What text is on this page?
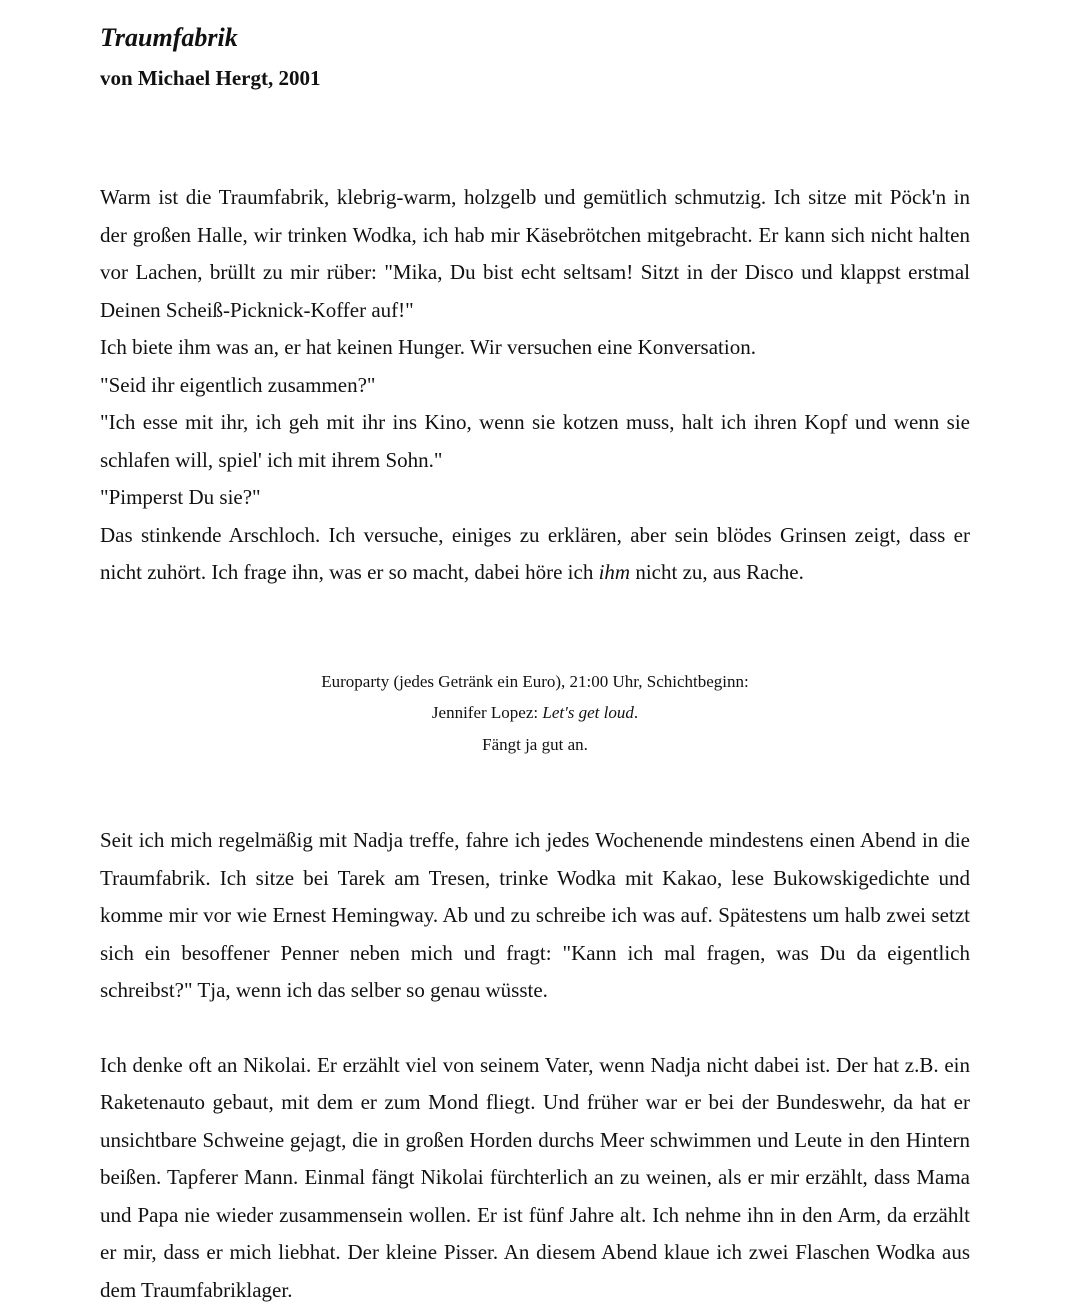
Traumfabrik
von Michael Hergt, 2001
Warm ist die Traumfabrik, klebrig-warm, holzgelb und gemütlich schmutzig. Ich sitze mit Pöck'n in der großen Halle, wir trinken Wodka, ich hab mir Käsebrötchen mitgebracht. Er kann sich nicht halten vor Lachen, brüllt zu mir rüber: "Mika, Du bist echt seltsam! Sitzt in der Disco und klappst erstmal Deinen Scheiß-Picknick-Koffer auf!"
Ich biete ihm was an, er hat keinen Hunger. Wir versuchen eine Konversation.
"Seid ihr eigentlich zusammen?"
"Ich esse mit ihr, ich geh mit ihr ins Kino, wenn sie kotzen muss, halt ich ihren Kopf und wenn sie schlafen will, spiel' ich mit ihrem Sohn."
"Pimperst Du sie?"
Das stinkende Arschloch. Ich versuche, einiges zu erklären, aber sein blödes Grinsen zeigt, dass er nicht zuhört. Ich frage ihn, was er so macht, dabei höre ich ihm nicht zu, aus Rache.
Europarty (jedes Getränk ein Euro), 21:00 Uhr, Schichtbeginn:
Jennifer Lopez: Let's get loud.
Fängt ja gut an.

Seit ich mich regelmäßig mit Nadja treffe, fahre ich jedes Wochenende mindestens einen Abend in die Traumfabrik. Ich sitze bei Tarek am Tresen, trinke Wodka mit Kakao, lese Bukowskigedichte und komme mir vor wie Ernest Hemingway. Ab und zu schreibe ich was auf. Spätestens um halb zwei setzt sich ein besoffener Penner neben mich und fragt: "Kann ich mal fragen, was Du da eigentlich schreibst?" Tja, wenn ich das selber so genau wüsste.

Ich denke oft an Nikolai. Er erzählt viel von seinem Vater, wenn Nadja nicht dabei ist. Der hat z.B. ein Raketenauto gebaut, mit dem er zum Mond fliegt. Und früher war er bei der Bundeswehr, da hat er unsichtbare Schweine gejagt, die in großen Horden durchs Meer schwimmen und Leute in den Hintern beißen. Tapferer Mann. Einmal fängt Nikolai fürchterlich an zu weinen, als er mir erzählt, dass Mama und Papa nie wieder zusammensein wollen. Er ist fünf Jahre alt. Ich nehme ihn in den Arm, da erzählt er mir, dass er mich liebhat. Der kleine Pisser. An diesem Abend klaue ich zwei Flaschen Wodka aus dem Traumfabriklager.
